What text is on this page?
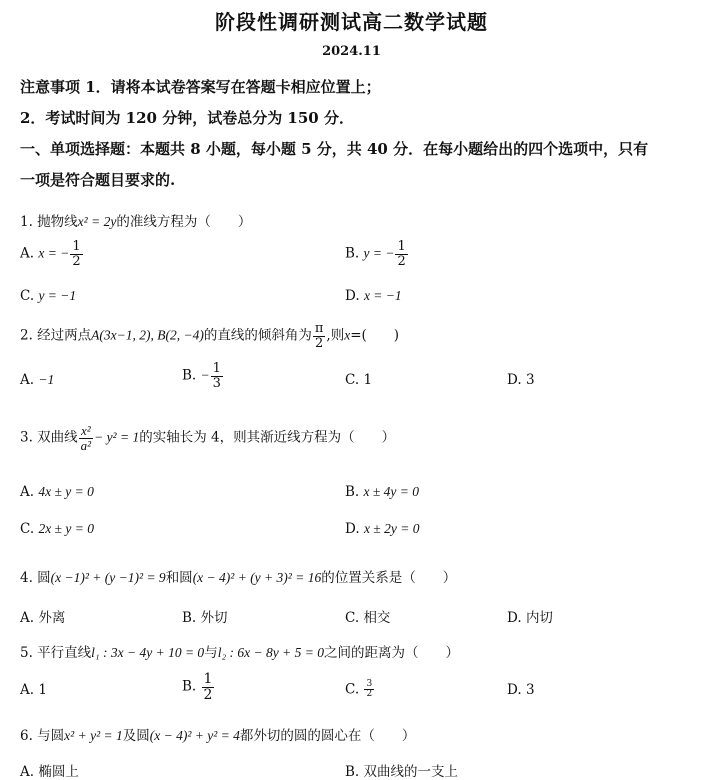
阶段性调研测试高二数学试题
2024.11
注意事项 1．请将本试卷答案写在答题卡相应位置上；
2．考试时间为 120 分钟，试卷总分为 150 分．
一、单项选择题：本题共 8 小题，每小题 5 分，共 40 分．在每小题给出的四个选项中，只有
一项是符合题目要求的.
1. 抛物线x² = 2y的准线方程为（　　）
A. x = − $\frac{1}{2}$	B. y = − $\frac{1}{2}$
C. y = −1	D. x = −1
2. 经过两点A(3x−1, 2), B(2, −4)的直线的倾斜角为 $\frac{\pi}{2}$ ,则x=(　　)
A. −1	B. − $\frac{1}{3}$	C. 1	D. 3
3. 双曲线 $\frac{\text{x²}}{\text{a²}} - y^2 = 1$的实轴长为 4，则其渐近线方程为（　　）
A. 4x ± y = 0	B. x ± 4y = 0
C. 2x ± y = 0	D. x ± 2y = 0
4. 圆(x −1)² + (y −1)² = 9和圆(x − 4)² + (y + 3)² = 16的位置关系是（　　）
A. 外离	B. 外切	C. 相交	D. 内切
5. 平行直线l₁ : 3x − 4y + 10 = 0与l₂ : 6x − 8y + 5 = 0之间的距离为（　　）
A. 1	B. $\frac{1}{2}$	C. $\frac{3}{2}$	D. 3
6. 与圆x² + y² = 1及圆(x − 4)² + y² = 4都外切的圆的圆心在（　　）
A. 椭圆上	B. 双曲线的一支上
